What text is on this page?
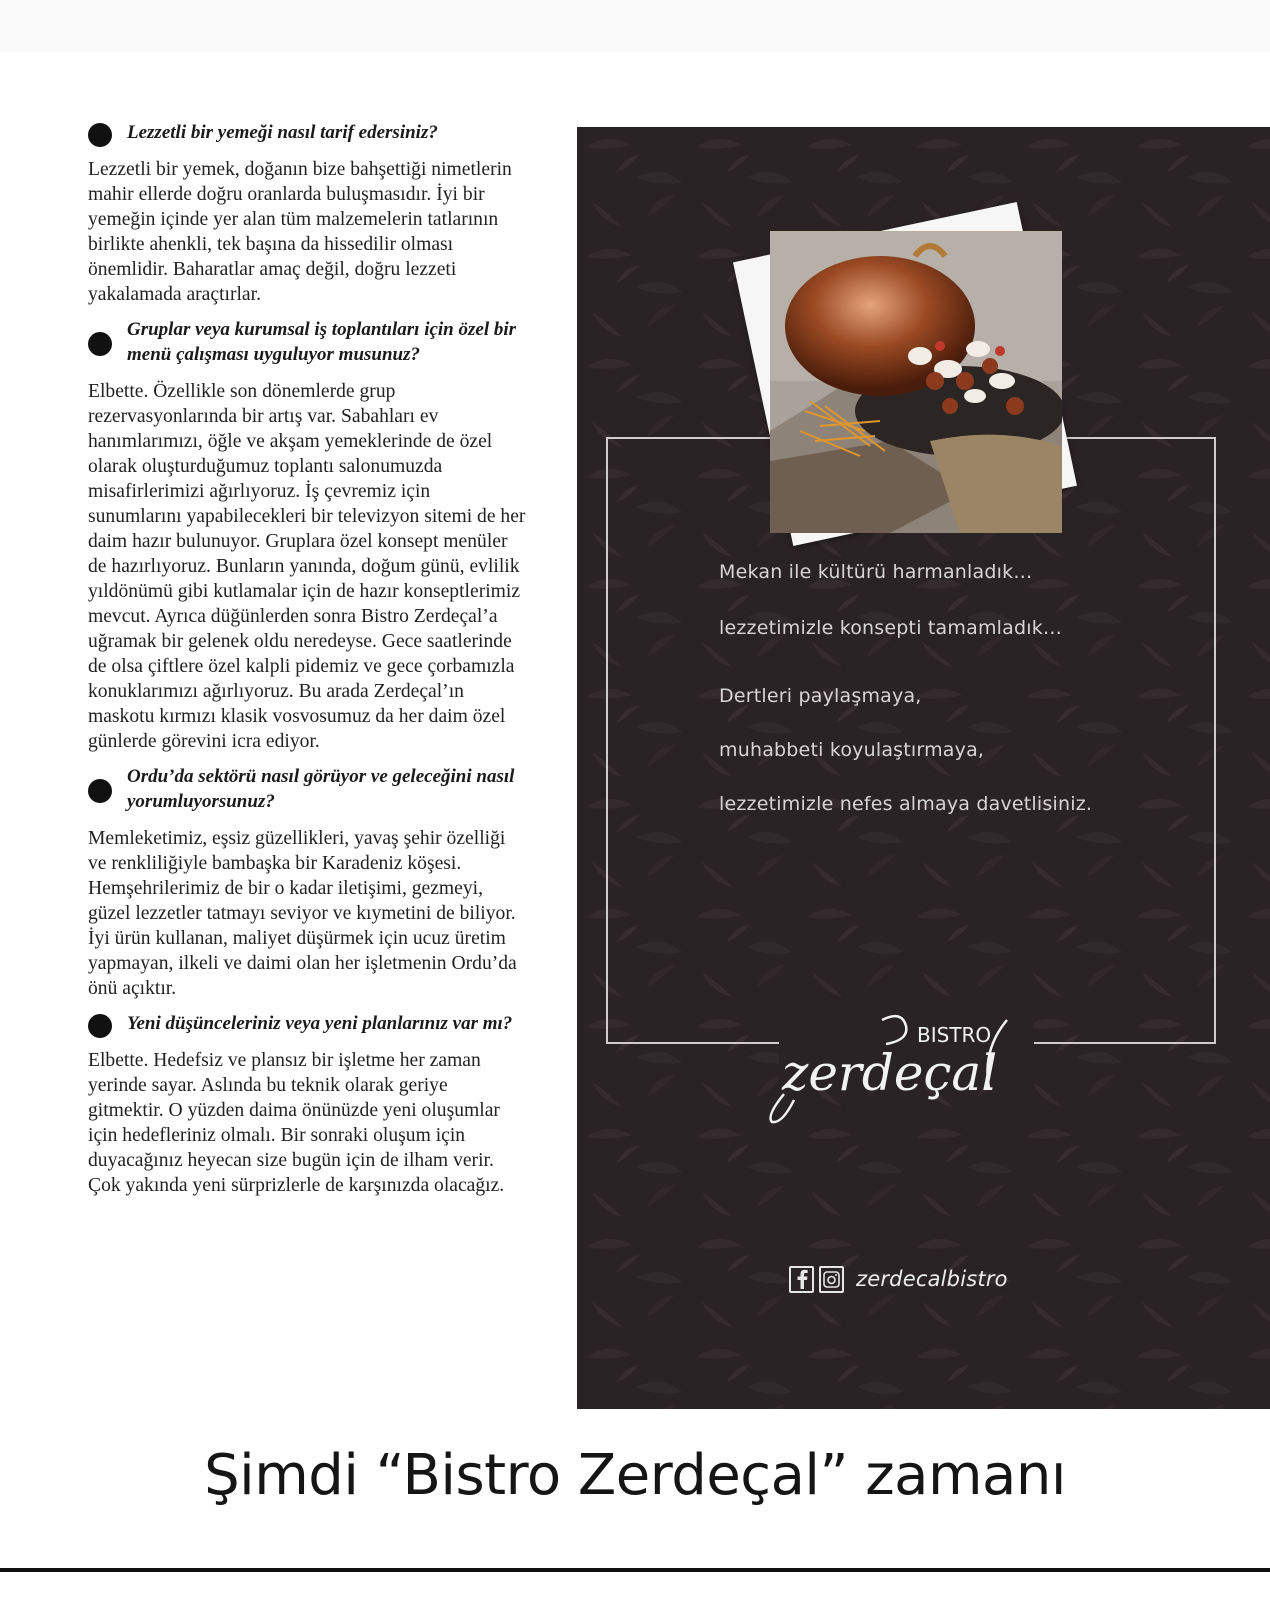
Lezzetli bir yemeği nasıl tarif edersiniz?

Lezzetli bir yemek, doğanın bize bahşettiği nimetlerin mahir ellerde doğru oranlarda buluşmasıdır. İyi bir yemeğin içinde yer alan tüm malzemelerin tatlarının birlikte ahenkli, tek başına da hissedilir olması önemlidir. Baharatlar amaç değil, doğru lezzeti yakalamada araçtırlar.

Gruplar veya kurumsal iş toplantıları için özel bir menü çalışması uyguluyor musunuz?

Elbette. Özellikle son dönemlerde grup rezervasyonlarında bir artış var. Sabahları ev hanımlarımızı, öğle ve akşam yemeklerinde de özel olarak oluşturduğumuz toplantı salonumuzda misafirlerimizi ağırlıyoruz. İş çevremiz için sunumlarını yapabilecekleri bir televizyon sitemi de her daim hazır bulunuyor. Gruplara özel konsept menüler de hazırlıyoruz. Bunların yanında, doğum günü, evlilik yıldönümü gibi kutlamalar için de hazır konseptlerimiz mevcut. Ayrıca düğünlerden sonra Bistro Zerdeçal’a uğramak bir gelenek oldu neredeyse. Gece saatlerinde de olsa çiftlere özel kalpli pidemiz ve gece çorbamızla konuklarımızı ağırlıyoruz. Bu arada Zerdeçal’ın maskotu kırmızı klasik vosvosumuz da her daim özel günlerde görevini icra ediyor.

Ordu’da sektörü nasıl görüyor ve geleceğini nasıl yorumluyorsunuz?

Memleketimiz, eşsiz güzellikleri, yavaş şehir özelliği ve renkliliğiyle bambaşka bir Karadeniz köşesi. Hemşehrilerimiz de bir o kadar iletişimi, gezmeyi, güzel lezzetler tatmayı seviyor ve kıymetini de biliyor. İyi ürün kullanan, maliyet düşürmek için ucuz üretim yapmayan, ilkeli ve daimi olan her işletmenin Ordu’da önü açıktır.

Yeni düşünceleriniz veya yeni planlarınız var mı?

Elbette. Hedefsiz ve plansız bir işletme her zaman yerinde sayar. Aslında bu teknik olarak geriye gitmektir. O yüzden daima önünüzde yeni oluşumlar için hedefleriniz olmalı. Bir sonraki oluşum için duyacağınız heyecan size bugün için de ilham verir. Çok yakında yeni sürprizlerle de karşınızda olacağız.

Mekan ile kültürü harmanladık…
lezzetimizle konsepti tamamladık…
Dertleri paylaşmaya,
muhabbeti koyulaştırmaya,
lezzetimizle nefes almaya davetlisiniz.
BISTRO
zerdeçal
zerdecalbistro
Şimdi “Bistro Zerdeçal” zamanı
